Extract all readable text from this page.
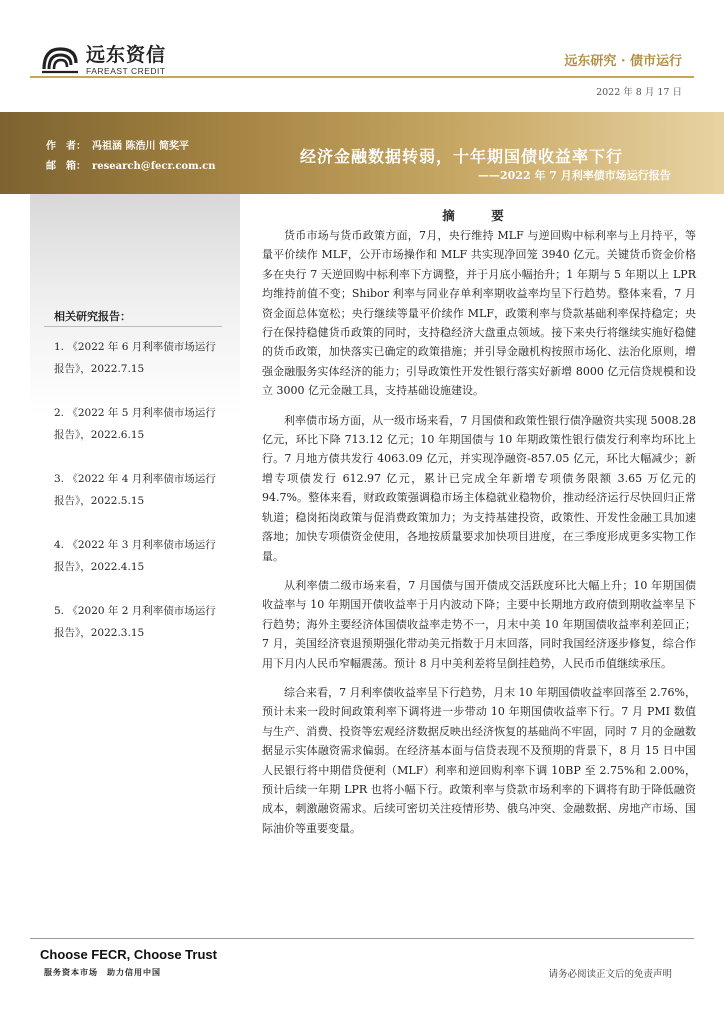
远东资信
FAREAST CREDIT
远东研究 · 债市运行
2022 年 8 月 17 日
作　者： 冯祖涵 陈浩川 简奖平
邮　箱： research@fecr.com.cn
经济金融数据转弱，十年期国债收益率下行
——2022 年 7 月利率债市场运行报告
相关研究报告：
1. 《2022 年 6 月利率债市场运行报告》，2022.7.15
2. 《2022 年 5 月利率债市场运行报告》，2022.6.15
3. 《2022 年 4 月利率债市场运行报告》，2022.5.15
4. 《2022 年 3 月利率债市场运行报告》，2022.4.15
5. 《2020 年 2 月利率债市场运行报告》，2022.3.15
摘　要

货币市场与货币政策方面，7月，央行维持 MLF 与逆回购中标利率与上月持平，等量平价续作 MLF，公开市场操作和 MLF 共实现净回笼 3940 亿元。关键货币资金价格多在央行 7 天逆回购中标利率下方调整，并于月底小幅抬升；1 年期与 5 年期以上 LPR 均维持前值不变；Shibor 利率与同业存单利率期收益率均呈下行趋势。整体来看，7 月资金面总体宽松；央行继续等量平价续作 MLF，政策利率与贷款基础利率保持稳定；央行在保持稳健货币政策的同时，支持稳经济大盘重点领域。接下来央行将继续实施好稳健的货币政策，加快落实已确定的政策措施；并引导金融机构按照市场化、法治化原则，增强金融服务实体经济的能力；引导政策性开发性银行落实好新增 8000 亿元信贷规模和设立 3000 亿元金融工具，支持基础设施建设。

利率债市场方面，从一级市场来看，7 月国债和政策性银行债净融资共实现 5008.28 亿元，环比下降 713.12 亿元；10 年期国债与 10 年期政策性银行债发行利率均环比上行。7 月地方债共发行 4063.09 亿元，并实现净融资-857.05 亿元，环比大幅减少；新增专项债发行 612.97 亿元，累计已完成全年新增专项债务限额 3.65 万亿元的 94.7%。整体来看，财政政策强调稳市场主体稳就业稳物价，推动经济运行尽快回归正常轨道；稳岗拓岗政策与促消费政策加力；为支持基建投资，政策性、开发性金融工具加速落地；加快专项债资金使用，各地按质量要求加快项目进度，在三季度形成更多实物工作量。

从利率债二级市场来看，7 月国债与国开债成交活跃度环比大幅上升；10 年期国债收益率与 10 年期国开债收益率于月内波动下降；主要中长期地方政府债到期收益率呈下行趋势；海外主要经济体国债收益率走势不一，月末中美 10 年期国债收益率利差回正；7 月，美国经济衰退预期强化带动美元指数于月末回落，同时我国经济逐步修复，综合作用下月内人民币窄幅震荡。预计 8 月中美利差将呈倒挂趋势，人民币币值继续承压。

综合来看，7 月利率债收益率呈下行趋势，月末 10 年期国债收益率回落至 2.76%，预计未来一段时间政策利率下调将进一步带动 10 年期国债收益率下行。7 月 PMI 数值与生产、消费、投资等宏观经济数据反映出经济恢复的基础尚不牢固，同时 7 月的金融数据显示实体融资需求偏弱。在经济基本面与信贷表现不及预期的背景下，8 月 15 日中国人民银行将中期借贷便利（MLF）利率和逆回购利率下调 10BP 至 2.75%和 2.00%，预计后续一年期 LPR 也将小幅下行。政策利率与贷款市场利率的下调将有助于降低融资成本，刺激融资需求。后续可密切关注疫情形势、俄乌冲突、金融数据、房地产市场、国际油价等重要变量。

Choose FECR, Choose Trust
服务资本市场　助力信用中国	请务必阅读正文后的免责声明
